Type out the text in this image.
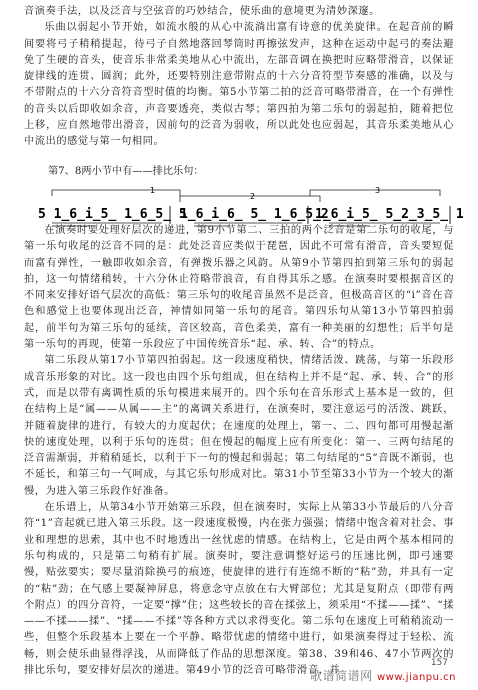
音演奏手法，以及泛音与空弦音的巧妙结合，使乐曲的意境更为清妙深邃。
乐曲以弱起小节开始，如流水般的从心中流淌出富有诗意的优美旋律。在起音前的瞬间要将弓子稍稍提起，待弓子自然地落回琴筒时再擦弦发声，这种在运动中起弓的奏法避免了生硬的音头，使音乐非常柔美地从心中流出，左部音调在换把时应略带滑音，以保证旋律线的连贯、圆润；此外，还要特别注意带附点的十六分音符型节奏感的准确，以及与不带附点的十六分音符音型时值的均衡。第5小节第二拍的泛音可略带滑音，在一个有弹性的音头以后即收如余音，声音要透亮，类似古琴；第四拍为第二乐句的弱起拍，随着把位上移，应自然地带出滑音，因前句的泛音为弱收，所以此处也应弱起，其音乐柔美地从心中流出的感觉与第一句相同。
第7、8两小节中有——排比乐句：
1
2
3
5 1̲6̲i̲5̲ 1̲6̲5̲ 5
1̲6̲i̲6̲ 5̲ 1̲6̲5̲2
1̲6̲i̲5̲ 5̲2̲3̲5̲ 1
在演奏时要处理好层次的递进，第9小节第二、三拍的两个泛音是第二乐句的收尾，与第一乐句收尾的泛音不同的是：此处泛音应类似于琵琶，因此不可常有滑音，音头要短促而富有弹性，一触即收如余音，有弹拨乐器之风韵。从第9小节第四拍到第三乐句的弱起拍，这一句情绪稍转，十六分休止符略带浪音，有自得其乐之感。在演奏时要根据音区的不同来安排好语气层次的高低：第三乐句的收尾音虽然不是泛音，但极高音区的“i”音在音色和感觉上也要体现出泛音，神情如同第一乐句的尾音。第四乐句从第13小节第四拍弱起，前半句为第三乐句的延续，音区较高，音色柔美，富有一种美丽的幻想性；后半句是第一乐句的再现，使第一乐段应了中国传统音乐“起、承、转、合”的特点。
第二乐段从第17小节第四拍弱起。这一段速度稍快，情绪活泼、跳荡，与第一乐段形成音乐形象的对比。这一段也由四个乐句组成，但在结构上并不是“起、承、转、合”的形式，而是以带有离调性质的乐句模进来展开的。四个乐句在音乐形式上基本是一致的，但在结构上是“属——从属——主”的离调关系进行，在演奏时，要注意运弓的活泼、跳跃，并随着旋律的进行，有较大的力度起伏；在速度的处理上，第一、二、四句都可用慢起渐快的速度处理，以利于乐句的连贯；但在慢起的幅度上应有所变化：第一、三两句结尾的泛音需渐弱，并稍稍延长，以利于下一句的慢起和弱起；第二句结尾的“5”音既不渐弱，也不延长，和第三句一气呵成，与其它乐句形成对比。第31小节至第33小节为一个较大的渐慢，为进入第三乐段作好准备。
在乐谱上，从第34小节开始第三乐段，但在演奏时，实际上从第33小节最后的八分音符“1”音起就已进入第三乐段。这一段速度极慢，内在张力强强；情绪中饱含着对社会、事业和理想的思索，其中也不时地透出一丝忧虑的情感。在结构上，它是由两个基本相同的乐句构成的，只是第二句稍有扩展。演奏时，要注意调整好运弓的压速比例，即弓速要慢，贴弦要实；要尽量消除换弓的痕迹，使旋律的进行有连绵不断的“粘”劲，并具有一定的“粘”劲；在气感上要凝神屏息，将意念守点放在右大臂部位；尤其是复附点（即带有两个附点）的四分音符，一定要“撑”住；这些较长的音在揉弦上，须采用“不揉——揉”、“揉——不揉——揉”、“揉——不揉”等各种方式以求得变化。第二乐句在速度上可稍稍流动一些，但整个乐段基本上要在一个平静、略带忧虑的情绪中进行，如果演奏得过于轻松、流畅，则会使乐曲显得浮浅，从而降低了作品的思想深度。第38、39和46、47小节两次的排比乐句，要安排好层次的递进。第49小节的泛音可略带滑音，并
157
歌谱简谱网 www.jianpu.cn
